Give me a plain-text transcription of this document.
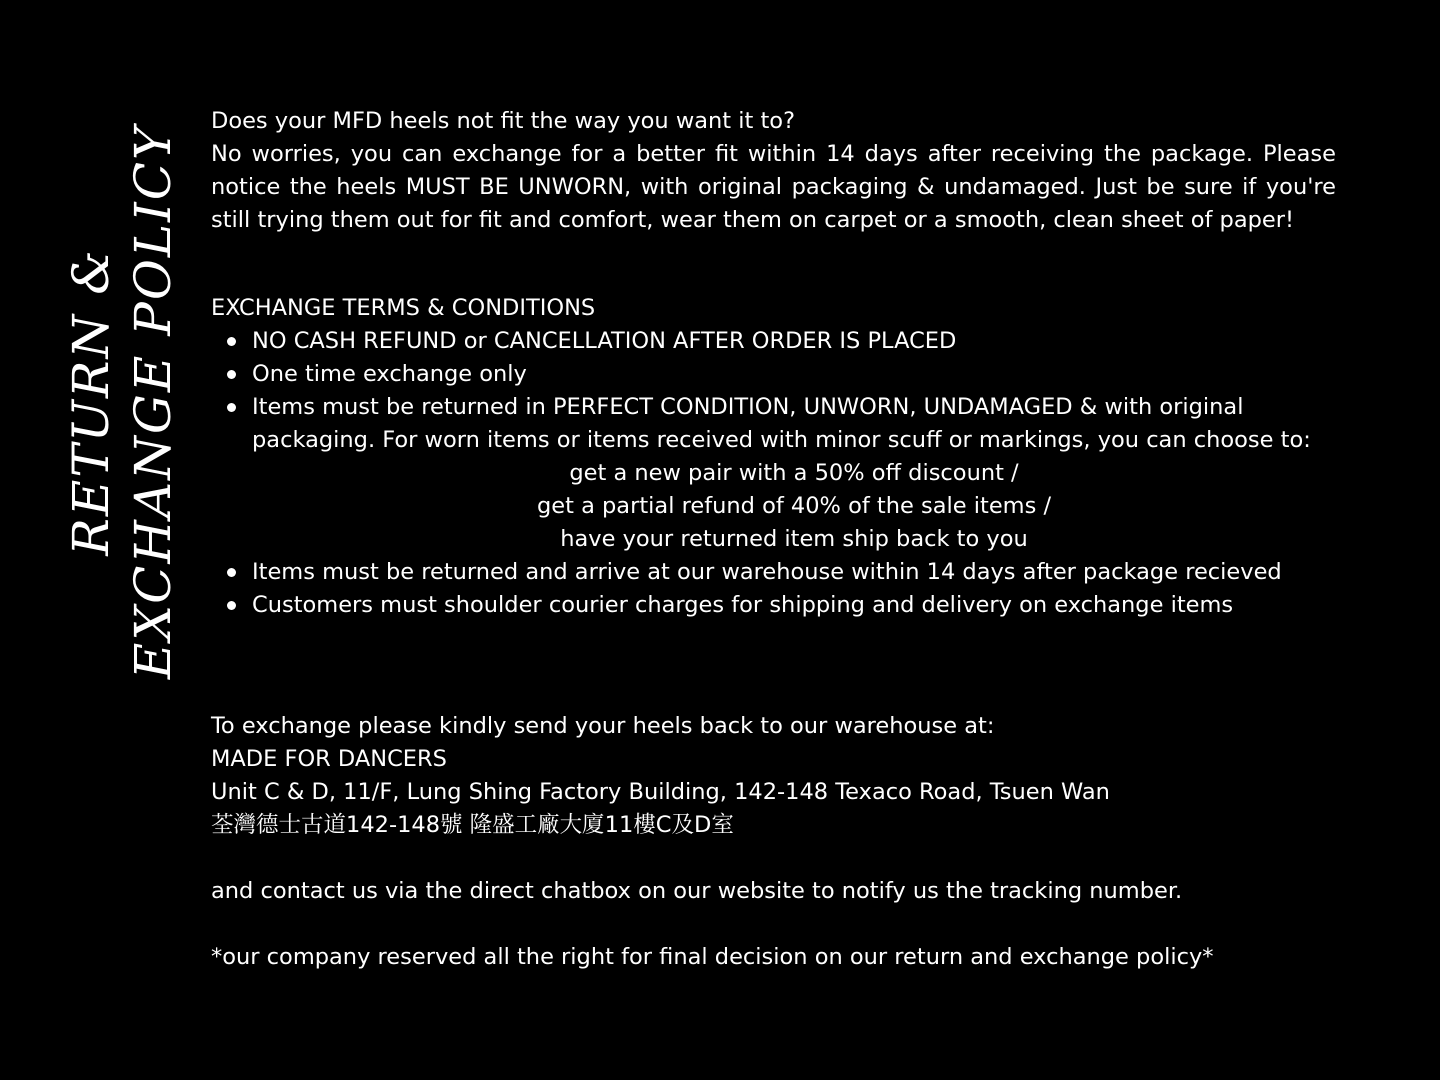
RETURN & EXCHANGE POLICY

Does your MFD heels not fit the way you want it to?

No worries, you can exchange for a better fit within 14 days after receiving the package. Please notice the heels MUST BE UNWORN, with original packaging & undamaged. Just be sure if you're still trying them out for fit and comfort, wear them on carpet or a smooth, clean sheet of paper!

EXCHANGE TERMS & CONDITIONS

NO CASH REFUND or CANCELLATION AFTER ORDER IS PLACED
One time exchange only
Items must be returned in PERFECT CONDITION, UNWORN, UNDAMAGED & with original packaging. For worn items or items received with minor scuff or markings, you can choose to:
get a new pair with a 50% off discount /
get a partial refund of 40% of the sale items /
have your returned item ship back to you
Items must be returned and arrive at our warehouse within 14 days after package recieved
Customers must shoulder courier charges for shipping and delivery on exchange items

To exchange please kindly send your heels back to our warehouse at:

MADE FOR DANCERS

Unit C & D, 11/F, Lung Shing Factory Building, 142-148 Texaco Road, Tsuen Wan

荃灣德士古道142-148號 隆盛工廠大廈11樓C及D室

and contact us via the direct chatbox on our website to notify us the tracking number.

*our company reserved all the right for final decision on our return and exchange policy*
